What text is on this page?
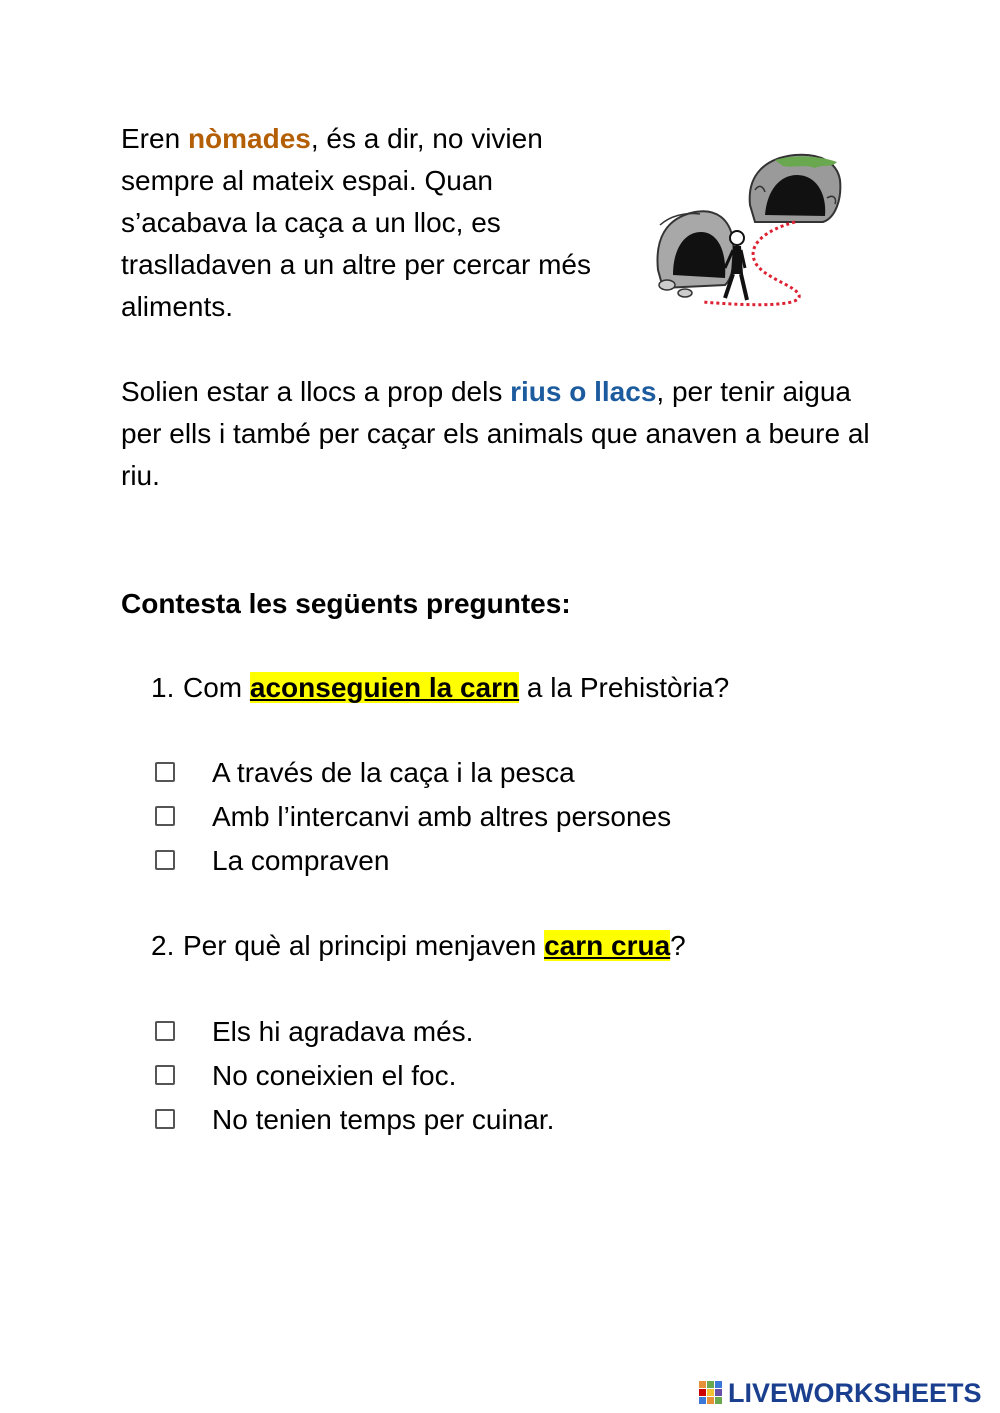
Eren nòmades, és a dir, no vivien sempre al mateix espai. Quan s’acabava la caça a un lloc, es traslladaven a un altre per cercar més aliments.
Solien estar a llocs a prop dels rius o llacs, per tenir aigua per ells i també per caçar els animals que anaven a beure al riu.
Contesta les següents preguntes:
1. Com aconseguien la carn a la Prehistòria?
A través de la caça i la pesca
Amb l’intercanvi amb altres persones
La compraven
2. Per què al principi menjaven carn crua?
Els hi agradava més.
No coneixien el foc.
No tenien temps per cuinar.
LIVEWORKSHEETS
